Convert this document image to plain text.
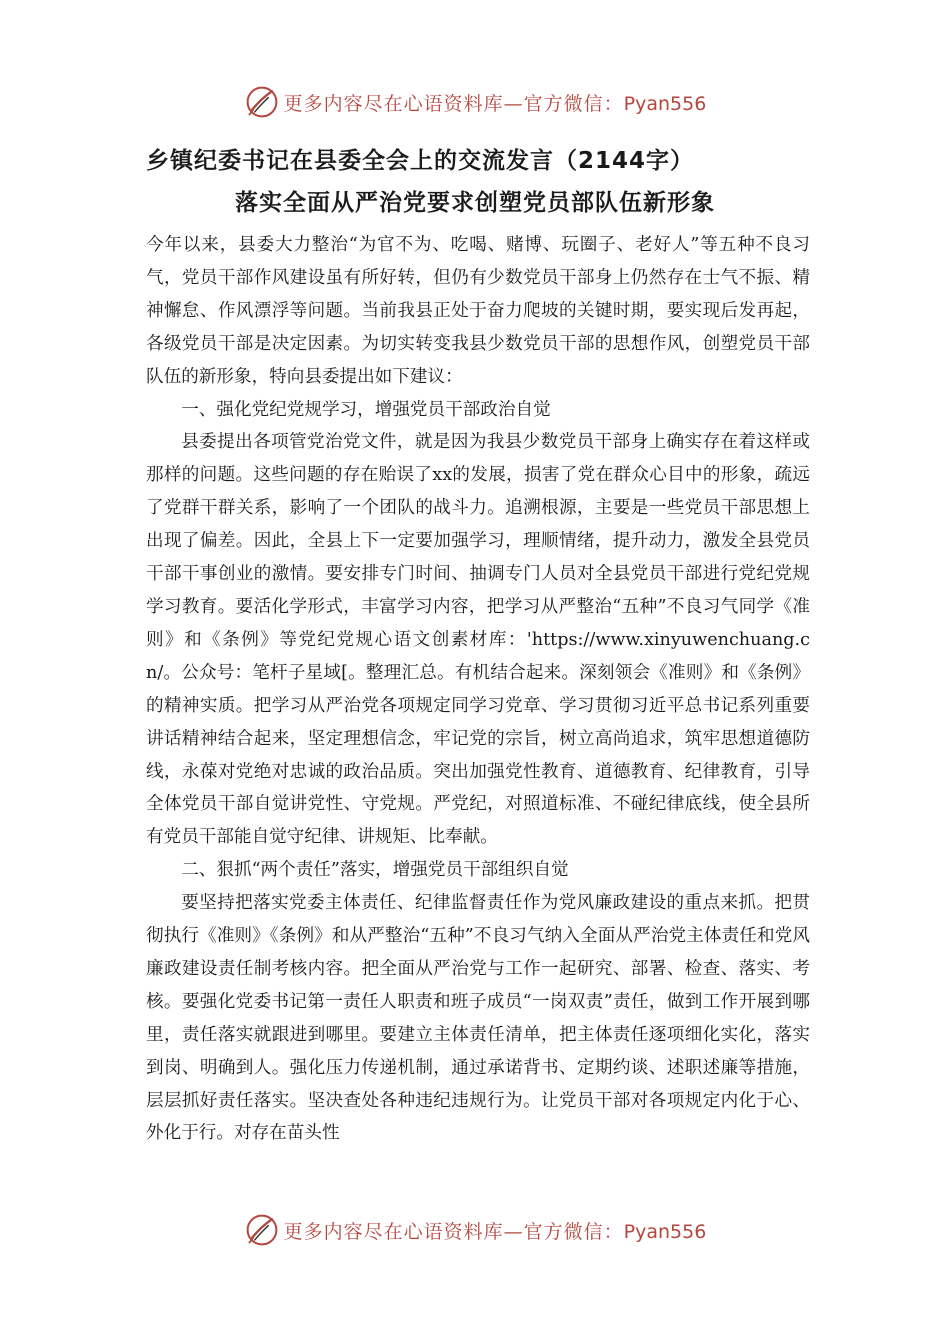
更多内容尽在心语资料库—官方微信：Pyan556
乡镇纪委书记在县委全会上的交流发言（2144字）
落实全面从严治党要求创塑党员部队伍新形象

今年以来，县委大力整治“为官不为、吃喝、赌博、玩圈子、老好人”等五种不良习气，党员干部作风建设虽有所好转，但仍有少数党员干部身上仍然存在士气不振、精神懈怠、作风漂浮等问题。当前我县正处于奋力爬坡的关键时期，要实现后发再起，各级党员干部是决定因素。为切实转变我县少数党员干部的思想作风，创塑党员干部队伍的新形象，特向县委提出如下建议：

一、强化党纪党规学习，增强党员干部政治自觉

县委提出各项管党治党文件，就是因为我县少数党员干部身上确实存在着这样或那样的问题。这些问题的存在贻误了xx的发展，损害了党在群众心目中的形象，疏远了党群干群关系，影响了一个团队的战斗力。追溯根源，主要是一些党员干部思想上出现了偏差。因此，全县上下一定要加强学习，理顺情绪，提升动力，激发全县党员干部干事创业的激情。要安排专门时间、抽调专门人员对全县党员干部进行党纪党规学习教育。要活化学形式，丰富学习内容，把学习从严整治“五种”不良习气同学《准则》和《条例》等党纪党规心语文创素材库：'https://www.xinyuwenchuang.cn/。公众号：笔杆子星域[。整理汇总。有机结合起来。深刻领会《准则》和《条例》的精神实质。把学习从严治党各项规定同学习党章、学习贯彻习近平总书记系列重要讲话精神结合起来，坚定理想信念，牢记党的宗旨，树立高尚追求，筑牢思想道德防线，永葆对党绝对忠诚的政治品质。突出加强党性教育、道德教育、纪律教育，引导全体党员干部自觉讲党性、守党规。严党纪，对照道标准、不碰纪律底线，使全县所有党员干部能自觉守纪律、讲规矩、比奉献。

二、狠抓“两个责任”落实，增强党员干部组织自觉

要坚持把落实党委主体责任、纪律监督责任作为党风廉政建设的重点来抓。把贯彻执行《准则》《条例》和从严整治“五种”不良习气纳入全面从严治党主体责任和党风廉政建设责任制考核内容。把全面从严治党与工作一起研究、部署、检查、落实、考核。要强化党委书记第一责任人职责和班子成员“一岗双责”责任，做到工作开展到哪里，责任落实就跟进到哪里。要建立主体责任清单，把主体责任逐项细化实化，落实到岗、明确到人。强化压力传递机制，通过承诺背书、定期约谈、述职述廉等措施，层层抓好责任落实。坚决查处各种违纪违规行为。让党员干部对各项规定内化于心、外化于行。对存在苗头性

更多内容尽在心语资料库—官方微信：Pyan556
